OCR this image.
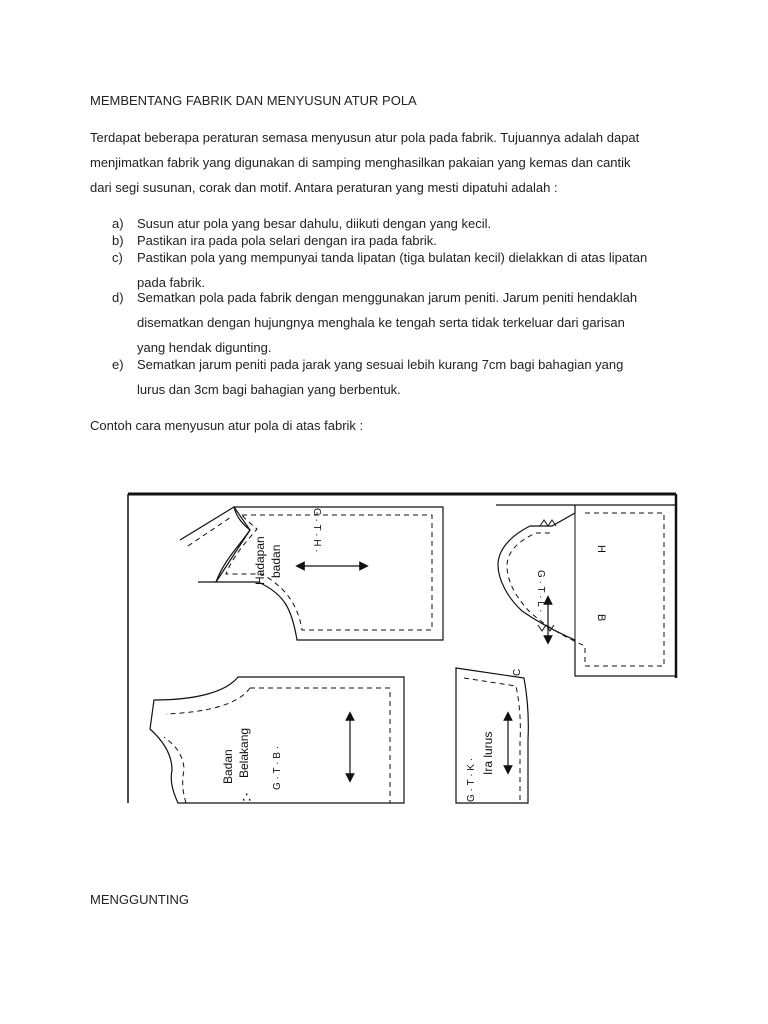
MEMBENTANG FABRIK DAN MENYUSUN ATUR POLA
Terdapat beberapa peraturan semasa menyusun atur pola pada fabrik. Tujuannya adalah dapat
menjimatkan fabrik yang digunakan di samping menghasilkan pakaian yang kemas dan cantik
dari segi susunan, corak dan motif. Antara peraturan yang mesti dipatuhi adalah :
a) Susun atur pola yang besar dahulu, diikuti dengan yang kecil.
b) Pastikan ira pada pola selari dengan ira pada fabrik.
c) Pastikan pola yang mempunyai tanda lipatan (tiga bulatan kecil) dielakkan di atas lipatan
pada fabrik.
d) Sematkan pola pada fabrik dengan menggunakan jarum peniti. Jarum peniti hendaklah
disematkan dengan hujungnya menghala ke tengah serta tidak terkeluar dari garisan
yang hendak digunting.
e) Sematkan jarum peniti pada jarak yang sesuai lebih kurang 7cm bagi bahagian yang
lurus dan 3cm bagi bahagian yang berbentuk.
Contoh cara menyusun atur pola di atas fabrik :
Hadapan badan
G · T · H ·
G · T · L ·
H
B
C
Badan Belakang G · T · B ·
∴
Ira lurus
G · T · K ·
MENGGUNTING
